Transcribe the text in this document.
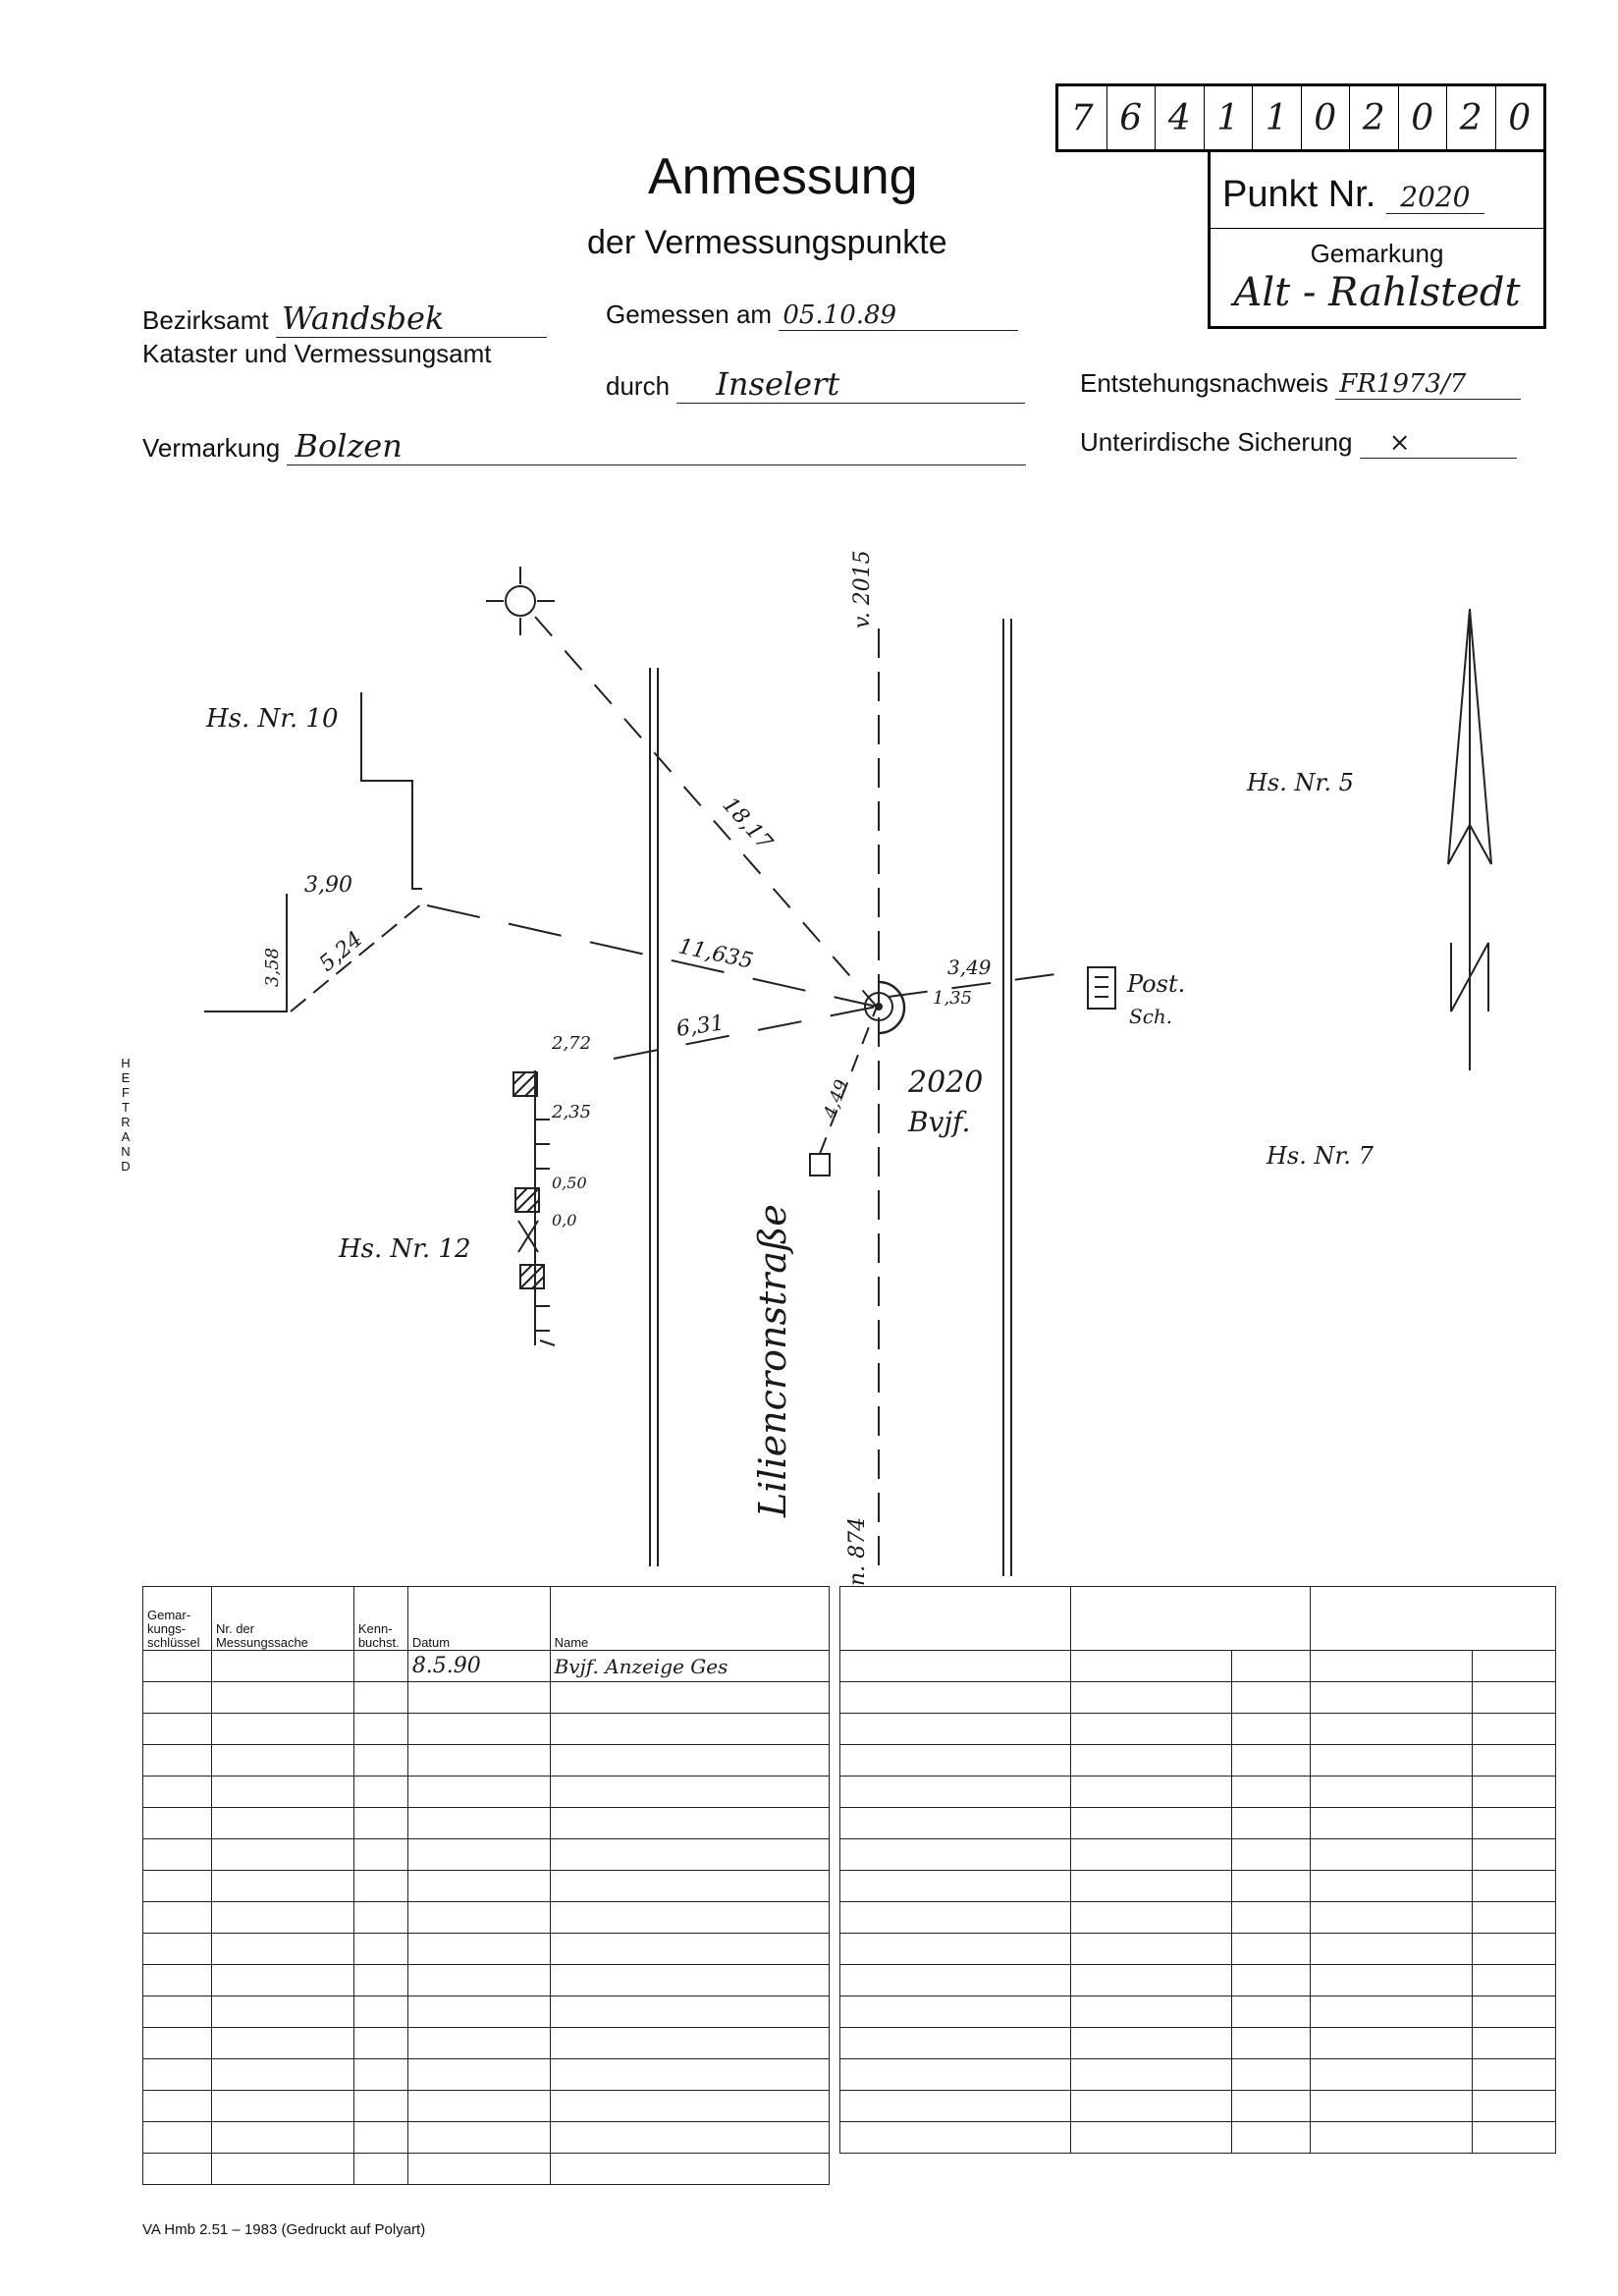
Anmessung
der Vermessungspunkte
7 6 4 1 1 0 2 0 2 0
Punkt Nr. 2020
Gemarkung
Alt - Rahlstedt
Bezirksamt Wandsbek
Kataster und Vermessungsamt
Gemessen am 05.10.89
durch Inselert	Entstehungsnachweis FR1973/7
Vermarkung Bolzen	Unterirdische Sicherung ×
HEFTRAND
Hs. Nr. 10
Hs. Nr. 5
Hs. Nr. 7
Hs. Nr. 12	Liliencronstraße
v. 2015
n. 874
2020
Bvjf.
Post.
Sch.
3,90
3,58 5,24
18,17
11,635
6,31
4,49
3,49
1,35
2,72
2,35
0,50
0,0
Gemar-kungs-schlüssel	Nr. der Messungssache	Kenn-buchst.	Datum	Name
			8.5.90	Bvjf. Anzeige Ges

VA Hmb 2.51 – 1983 (Gedruckt auf Polyart)
